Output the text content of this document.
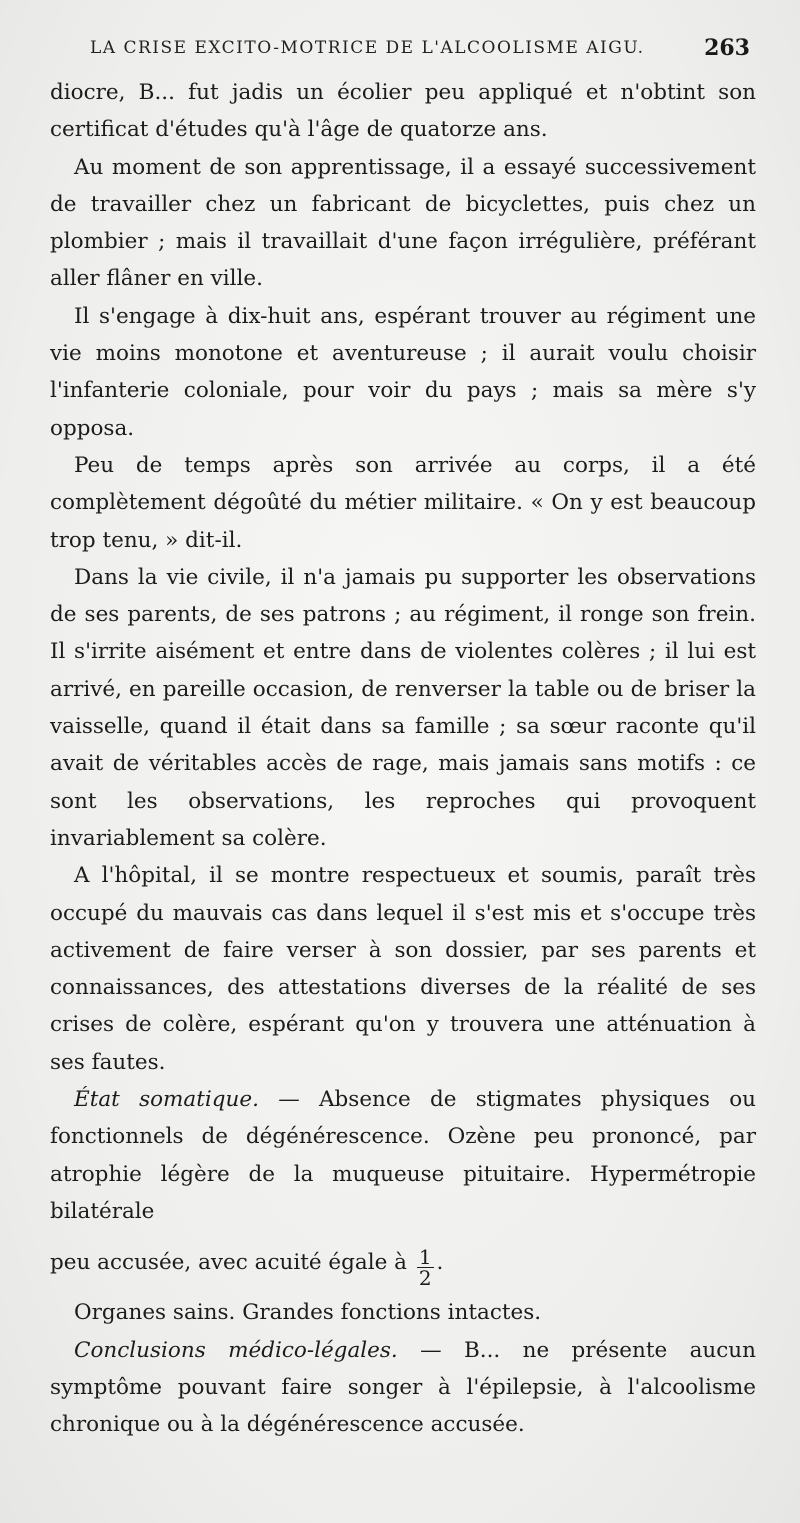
LA CRISE EXCITO-MOTRICE DE L'ALCOOLISME AIGU.	263

diocre, B... fut jadis un écolier peu appliqué et n'obtint son certificat d'études qu'à l'âge de quatorze ans.

Au moment de son apprentissage, il a essayé successivement de travailler chez un fabricant de bicyclettes, puis chez un plombier ; mais il travaillait d'une façon irrégulière, préférant aller flâner en ville.

Il s'engage à dix-huit ans, espérant trouver au régiment une vie moins monotone et aventureuse ; il aurait voulu choisir l'infanterie coloniale, pour voir du pays ; mais sa mère s'y opposa.

Peu de temps après son arrivée au corps, il a été complètement dégoûté du métier militaire. « On y est beaucoup trop tenu, » dit-il.

Dans la vie civile, il n'a jamais pu supporter les observations de ses parents, de ses patrons ; au régiment, il ronge son frein. Il s'irrite aisément et entre dans de violentes colères ; il lui est arrivé, en pareille occasion, de renverser la table ou de briser la vaisselle, quand il était dans sa famille ; sa sœur raconte qu'il avait de véritables accès de rage, mais jamais sans motifs : ce sont les observations, les reproches qui provoquent invariablement sa colère.

A l'hôpital, il se montre respectueux et soumis, paraît très occupé du mauvais cas dans lequel il s'est mis et s'occupe très activement de faire verser à son dossier, par ses parents et connaissances, des attestations diverses de la réalité de ses crises de colère, espérant qu'on y trouvera une atténuation à ses fautes.

État somatique. — Absence de stigmates physiques ou fonctionnels de dégénérescence. Ozène peu prononcé, par atrophie légère de la muqueuse pituitaire. Hypermétropie bilatérale

peu accusée, avec acuité égale à $\frac{1}{2}$ .

Organes sains. Grandes fonctions intactes.

Conclusions médico-légales. — B... ne présente aucun symptôme pouvant faire songer à l'épilepsie, à l'alcoolisme chronique ou à la dégénérescence accusée.
